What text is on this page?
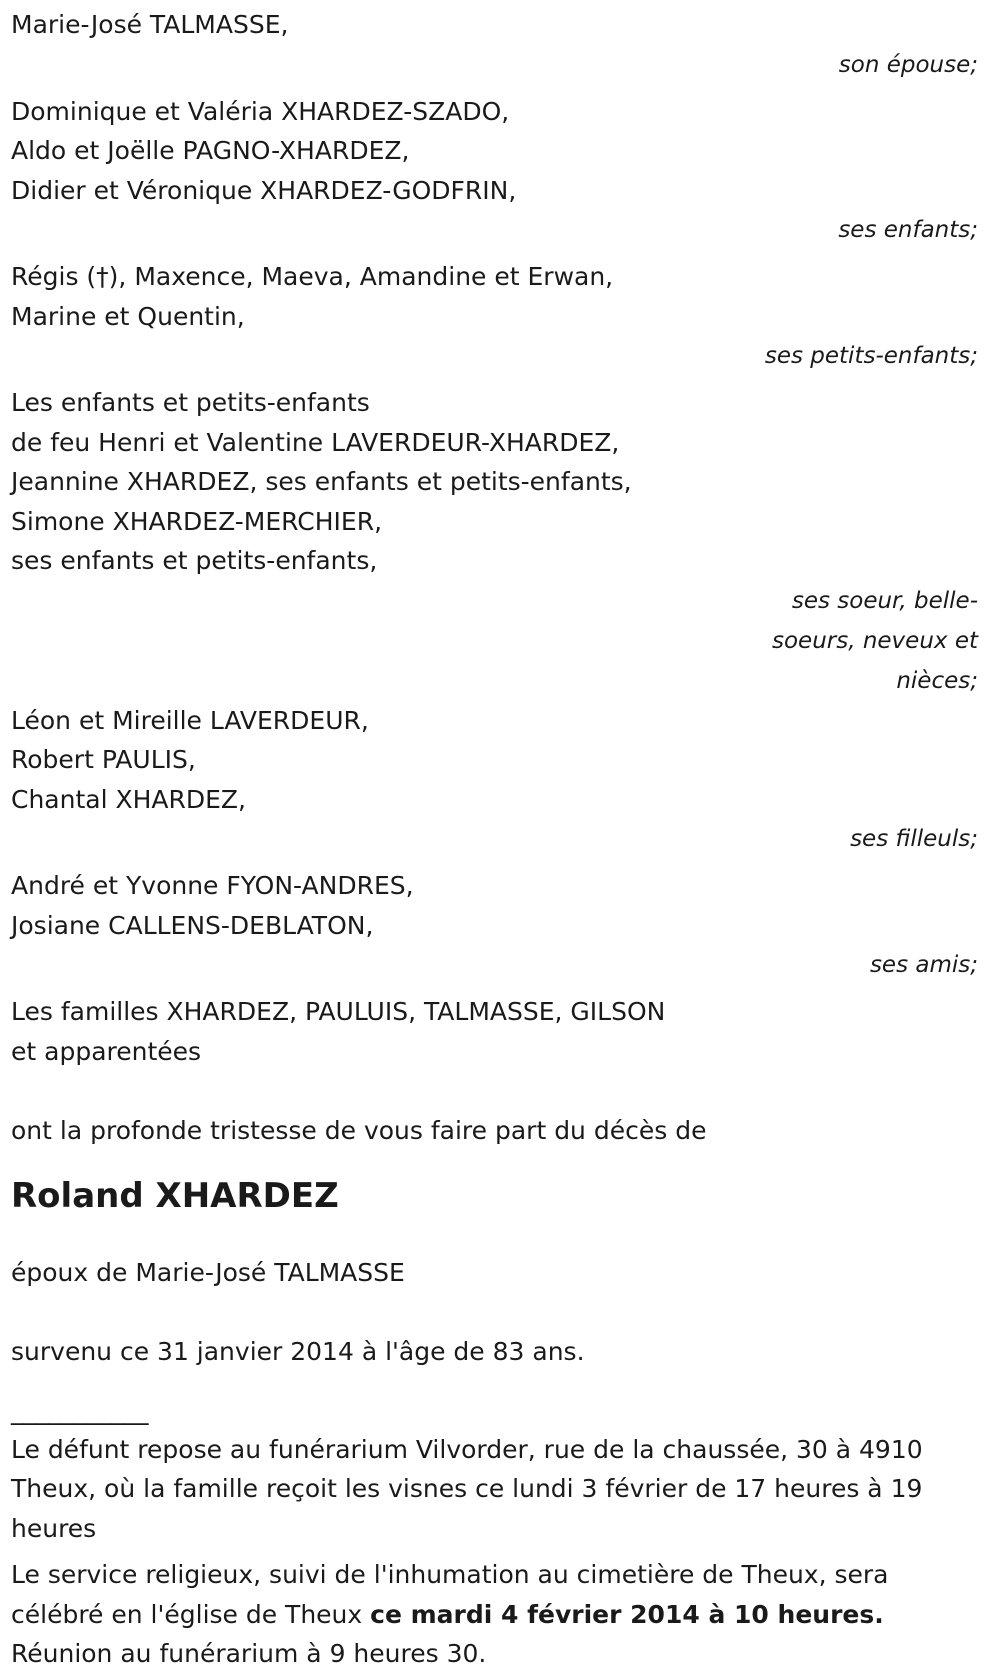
Marie-José TALMASSE,
son épouse;
Dominique et Valéria XHARDEZ-SZADO,
Aldo et Joëlle PAGNO-XHARDEZ,
Didier et Véronique XHARDEZ-GODFRIN,
ses enfants;
Régis (†), Maxence, Maeva, Amandine et Erwan,
Marine et Quentin,
ses petits-enfants;
Les enfants et petits-enfants
de feu Henri et Valentine LAVERDEUR-XHARDEZ,
Jeannine XHARDEZ, ses enfants et petits-enfants,
Simone XHARDEZ-MERCHIER,
ses enfants et petits-enfants,
ses soeur, belle-
soeurs, neveux et
nièces;
Léon et Mireille LAVERDEUR,
Robert PAULIS,
Chantal XHARDEZ,
ses filleuls;
André et Yvonne FYON-ANDRES,
Josiane CALLENS-DEBLATON,
ses amis;
Les familles XHARDEZ, PAULUIS, TALMASSE, GILSON
et apparentées
ont la profonde tristesse de vous faire part du décès de
Roland XHARDEZ
époux de Marie-José TALMASSE
survenu ce 31 janvier 2014 à l'âge de 83 ans.
___________
Le défunt repose au funérarium Vilvorder, rue de la chaussée, 30 à 4910 Theux, où la famille reçoit les visnes ce lundi 3 février de 17 heures à 19 heures
Le service religieux, suivi de l'inhumation au cimetière de Theux, sera célébré en l'église de Theux ce mardi 4 février 2014 à 10 heures.
Réunion au funérarium à 9 heures 30.
